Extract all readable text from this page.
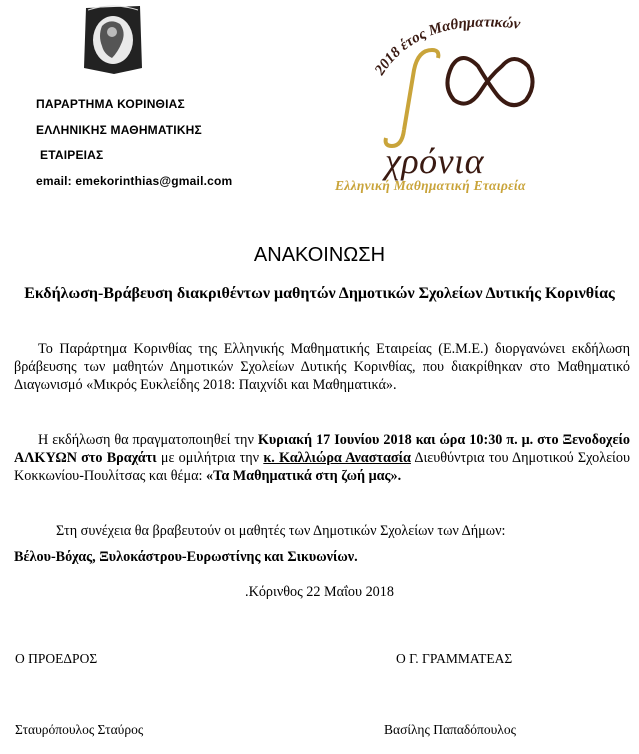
ΠΑΡΑΡΤΗΜΑ ΚΟΡΙΝΘΙΑΣ
ΕΛΛΗΝΙΚΗΣ ΜΑΘΗΜΑΤΙΚΗΣ
ΕΤΑΙΡΕΙΑΣ
email: emekorinthias@gmail.com
2018 έτος Μαθηματικών
χρόνια
Ελληνική Μαθηματική Εταιρεία
ΑΝΑΚΟΙΝΩΣΗ
Εκδήλωση-Βράβευση διακριθέντων μαθητών Δημοτικών Σχολείων Δυτικής Κορινθίας
Το Παράρτημα Κορινθίας της Ελληνικής Μαθηματικής Εταιρείας (Ε.Μ.Ε.) διοργανώνει εκδήλωση βράβευσης των μαθητών Δημοτικών Σχολείων Δυτικής Κορινθίας, που διακρίθηκαν στο Μαθηματικό Διαγωνισμό «Μικρός Ευκλείδης 2018: Παιχνίδι και Μαθηματικά».
Η εκδήλωση θα πραγματοποιηθεί την Κυριακή 17 Ιουνίου 2018 και ώρα 10:30 π. μ. στο Ξενοδοχείο ΑΛΚΥΩΝ στο Βραχάτι με ομιλήτρια την κ. Καλλιώρα Αναστασία Διευθύντρια του Δημοτικού Σχολείου Κοκκωνίου-Πουλίτσας και θέμα: «Τα Μαθηματικά στη ζωή μας».
Στη συνέχεια θα βραβευτούν οι μαθητές των Δημοτικών Σχολείων των Δήμων:
Βέλου-Βόχας, Ξυλοκάστρου-Ευρωστίνης και Σικυωνίων.
.Κόρινθος 22 Μαΐου 2018
Ο ΠΡΟΕΔΡΟΣ	Ο Γ. ΓΡΑΜΜΑΤΕΑΣ
Σταυρόπουλος Σταύρος	Βασίλης Παπαδόπουλος
